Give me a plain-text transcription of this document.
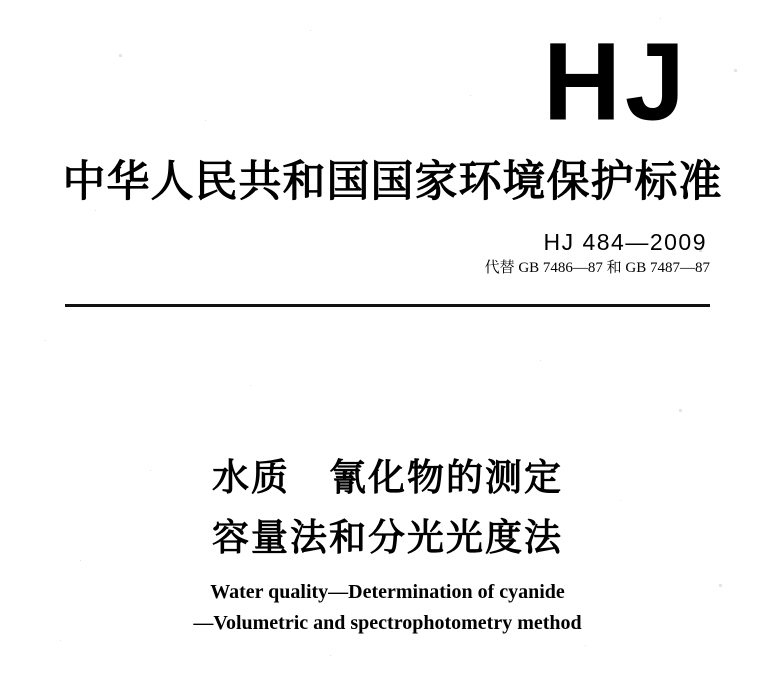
HJ
中华人民共和国国家环境保护标准
HJ 484—2009
代替 GB 7486—87 和 GB 7487—87
水质　氰化物的测定
容量法和分光光度法
Water quality—Determination of cyanide
—Volumetric and spectrophotometry method
